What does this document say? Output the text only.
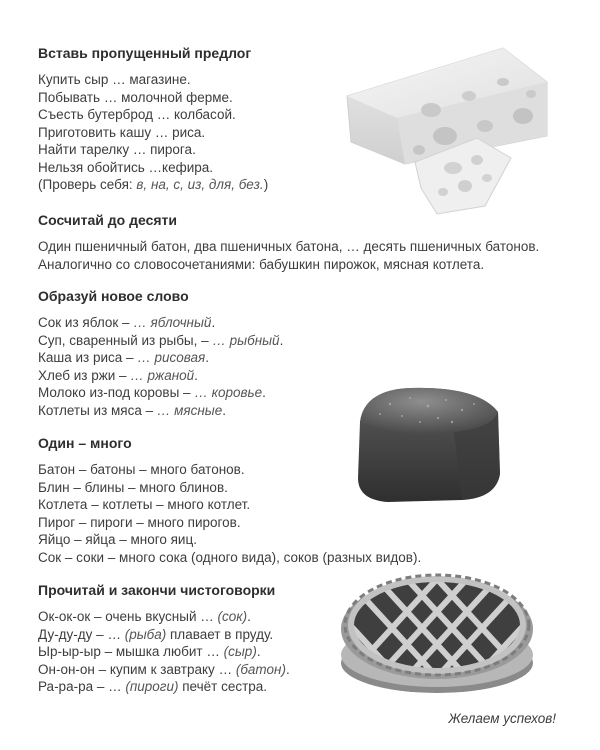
Вставь пропущенный предлог
Купить сыр … магазине.
Побывать … молочной ферме.
Съесть бутерброд … колбасой.
Приготовить кашу … риса.
Найти тарелку … пирога.
Нельзя обойтись …кефира.
(Проверь себя: в, на, с, из, для, без.)
Сосчитай до десяти
Один пшеничный батон, два пшеничных батона, … десять пшеничных батонов.
Аналогично со словосочетаниями: бабушкин пирожок, мясная котлета.
Образуй новое слово
Сок из яблок – … яблочный.
Суп, сваренный из рыбы, – … рыбный.
Каша из риса – … рисовая.
Хлеб из ржи – … ржаной.
Молоко из-под коровы – … коровье.
Котлеты из мяса – … мясные.
Один – много
Батон – батоны – много батонов.
Блин – блины – много блинов.
Котлета – котлеты – много котлет.
Пирог – пироги – много пирогов.
Яйцо – яйца – много яиц.
Сок – соки – много сока (одного вида), соков (разных видов).
Прочитай и закончи чистоговорки
Ок-ок-ок – очень вкусный … (сок).
Ду-ду-ду – … (рыба) плавает в пруду.
Ыр-ыр-ыр – мышка любит … (сыр).
Он-он-он – купим к завтраку … (батон).
Ра-ра-ра – … (пироги) печёт сестра.
Желаем успехов!
